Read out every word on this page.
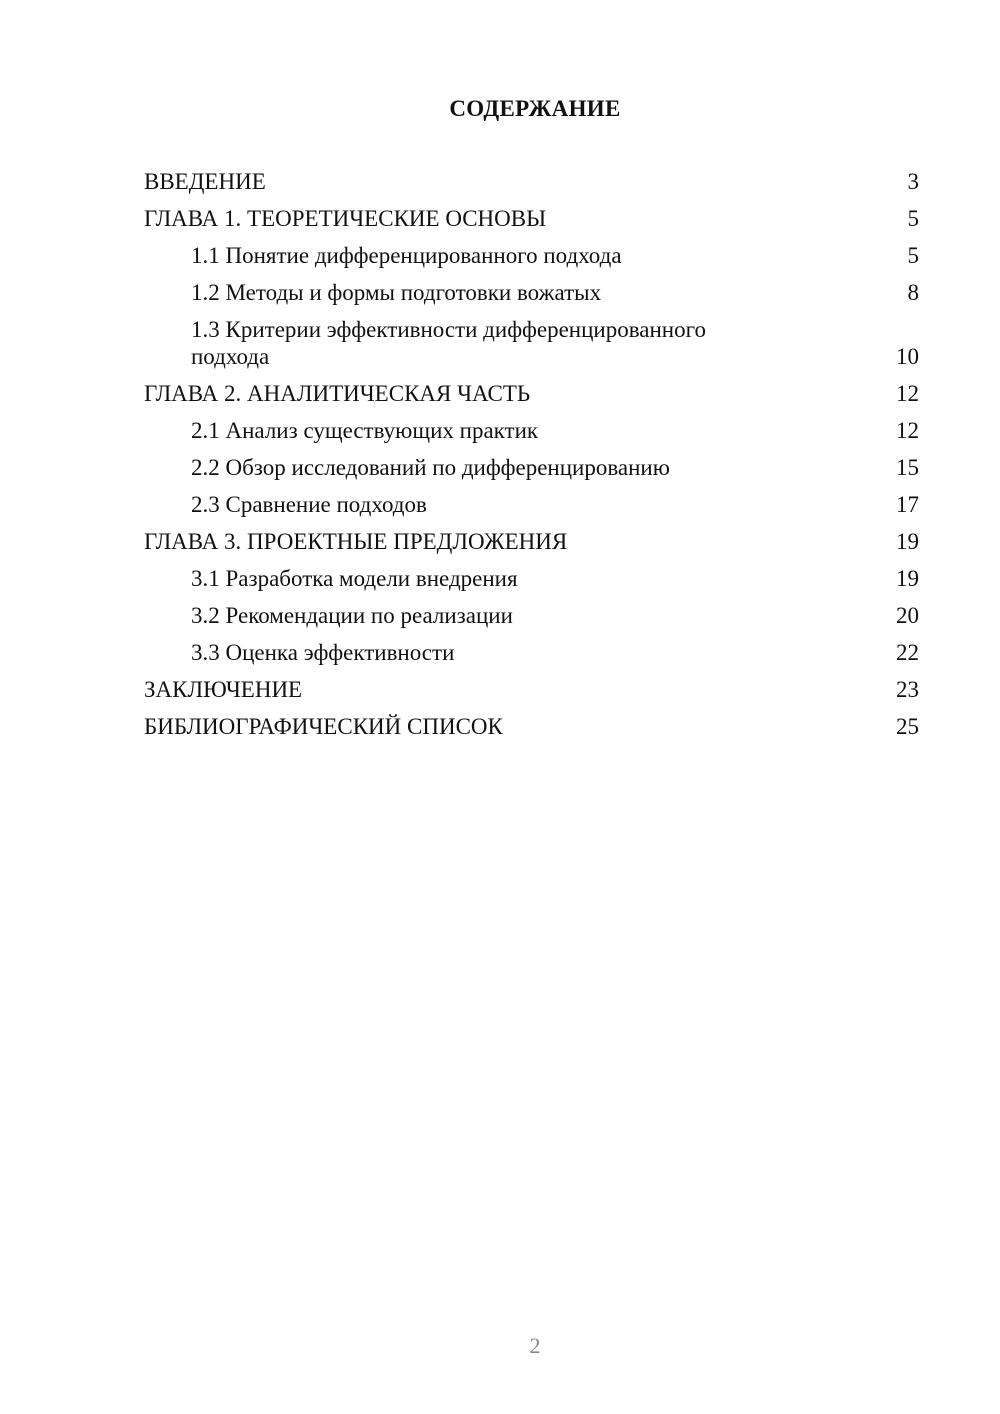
СОДЕРЖАНИЕ
ВВЕДЕНИЕ	3
ГЛАВА 1. ТЕОРЕТИЧЕСКИЕ ОСНОВЫ	5
1.1 Понятие дифференцированного подхода	5
1.2 Методы и формы подготовки вожатых	8
1.3 Критерии эффективности дифференцированного подхода	10
ГЛАВА 2. АНАЛИТИЧЕСКАЯ ЧАСТЬ	12
2.1 Анализ существующих практик	12
2.2 Обзор исследований по дифференцированию	15
2.3 Сравнение подходов	17
ГЛАВА 3. ПРОЕКТНЫЕ ПРЕДЛОЖЕНИЯ	19
3.1 Разработка модели внедрения	19
3.2 Рекомендации по реализации	20
3.3 Оценка эффективности	22
ЗАКЛЮЧЕНИЕ	23
БИБЛИОГРАФИЧЕСКИЙ СПИСОК	25
2
